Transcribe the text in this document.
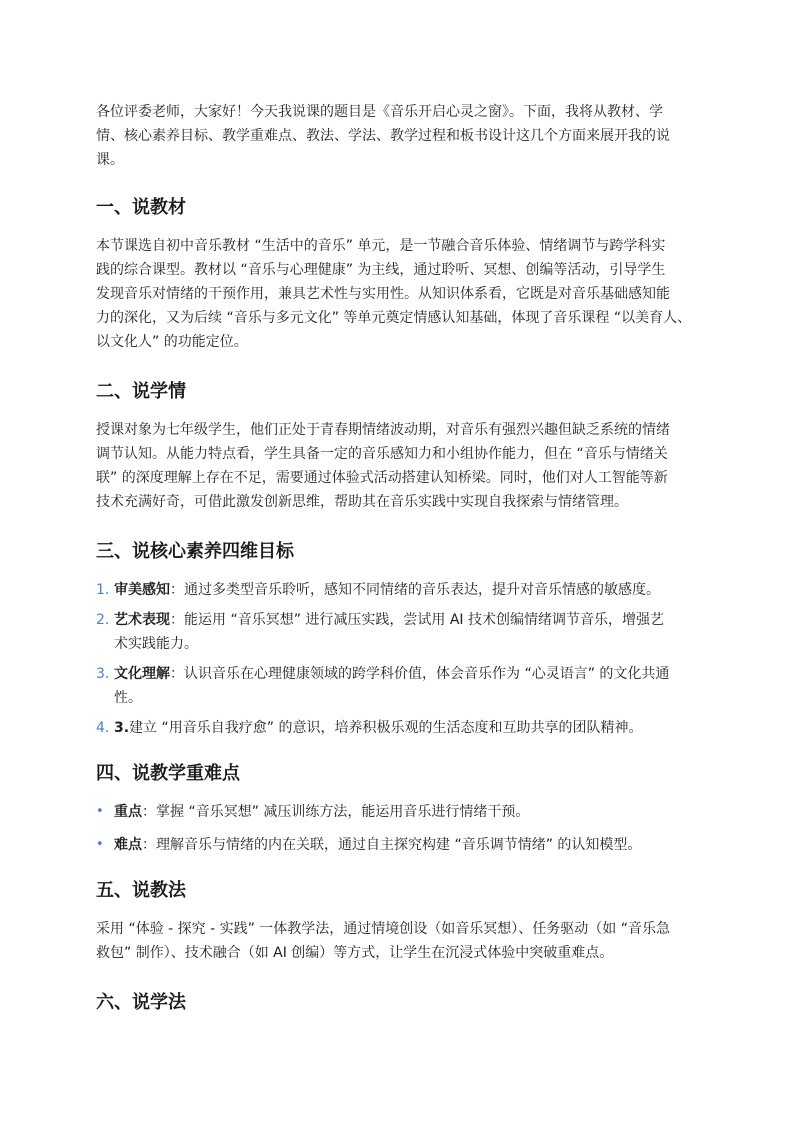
各位评委老师，大家好！今天我说课的题目是《音乐开启心灵之窗》。下面，我将从教材、学
情、核心素养目标、教学重难点、教法、学法、教学过程和板书设计这几个方面来展开我的说
课。

一、说教材

本节课选自初中音乐教材 “生活中的音乐” 单元，是一节融合音乐体验、情绪调节与跨学科实
践的综合课型。教材以 “音乐与心理健康” 为主线，通过聆听、冥想、创编等活动，引导学生
发现音乐对情绪的干预作用，兼具艺术性与实用性。从知识体系看，它既是对音乐基础感知能
力的深化，又为后续 “音乐与多元文化” 等单元奠定情感认知基础，体现了音乐课程 “以美育人、
以文化人” 的功能定位。

二、说学情

授课对象为七年级学生，他们正处于青春期情绪波动期，对音乐有强烈兴趣但缺乏系统的情绪
调节认知。从能力特点看，学生具备一定的音乐感知力和小组协作能力，但在 “音乐与情绪关
联” 的深度理解上存在不足，需要通过体验式活动搭建认知桥梁。同时，他们对人工智能等新
技术充满好奇，可借此激发创新思维，帮助其在音乐实践中实现自我探索与情绪管理。

三、说核心素养四维目标
1. 审美感知：通过多类型音乐聆听，感知不同情绪的音乐表达，提升对音乐情感的敏感度。
2. 艺术表现：能运用 “音乐冥想” 进行减压实践，尝试用 AI 技术创编情绪调节音乐，增强艺
术实践能力。
3. 文化理解：认识音乐在心理健康领域的跨学科价值，体会音乐作为 “心灵语言” 的文化共通
性。
4. 3.建立 “用音乐自我疗愈” 的意识，培养积极乐观的生活态度和互助共享的团队精神。
四、说教学重难点
• 重点：掌握 “音乐冥想” 减压训练方法，能运用音乐进行情绪干预。
• 难点：理解音乐与情绪的内在关联，通过自主探究构建 “音乐调节情绪” 的认知模型。
五、说教法

采用 “体验 - 探究 - 实践” 一体教学法，通过情境创设（如音乐冥想）、任务驱动（如 “音乐急
救包” 制作）、技术融合（如 AI 创编）等方式，让学生在沉浸式体验中突破重难点。

六、说学法
